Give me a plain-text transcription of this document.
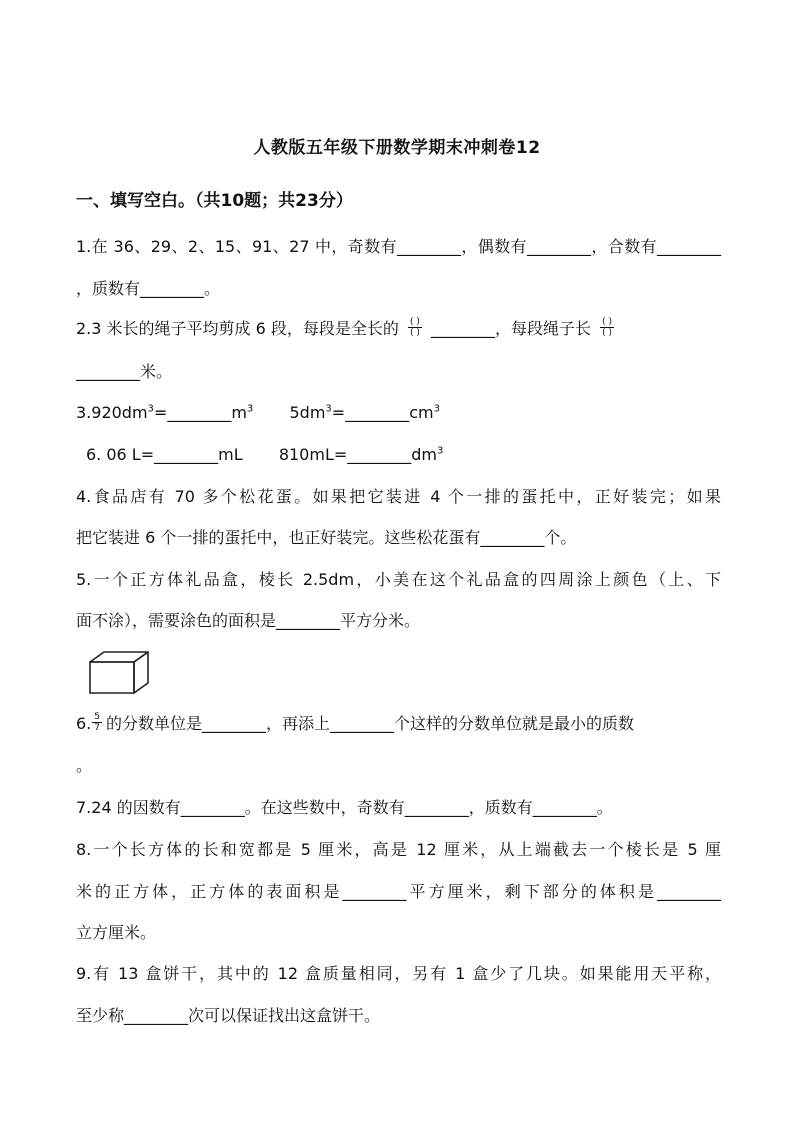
人教版五年级下册数学期末冲刺卷12
一、填写空白。（共10题；共23分）
1.在 36、29、2、15、91、27 中，奇数有________，偶数有________，合数有________
，质数有________。
2.3 米长的绳子平均剪成 6 段，每段是全长的 $\frac{( )}{( )}$ ________，每段绳子长 $\frac{( )}{( )}$
________米。
$3.920dm^3=\_\_\_\_\_\_\_\_m^3$ $5dm^3=\_\_\_\_\_\_\_\_cm^3$
6. 06 L=________mL $810mL=\_\_\_\_\_\_\_\_dm^3$
4.食品店有 70 多个松花蛋。如果把它装进 4 个一排的蛋托中，正好装完；如果
把它装进 6 个一排的蛋托中，也正好装完。这些松花蛋有________个。
5.一个正方体礼品盒，棱长 2.5dm，小美在这个礼品盒的四周涂上颜色（上、下
面不涂），需要涂色的面积是________平方分米。
6. $\frac{5}{7}$ 的分数单位是________，再添上________个这样的分数单位就是最小的质数
。
7.24 的因数有________。在这些数中，奇数有________，质数有________。
8.一个长方体的长和宽都是 5 厘米，高是 12 厘米，从上端截去一个棱长是 5 厘
米的正方体，正方体的表面积是________平方厘米，剩下部分的体积是________
立方厘米。
9.有 13 盒饼干，其中的 12 盒质量相同，另有 1 盒少了几块。如果能用天平称，
至少称________次可以保证找出这盒饼干。
